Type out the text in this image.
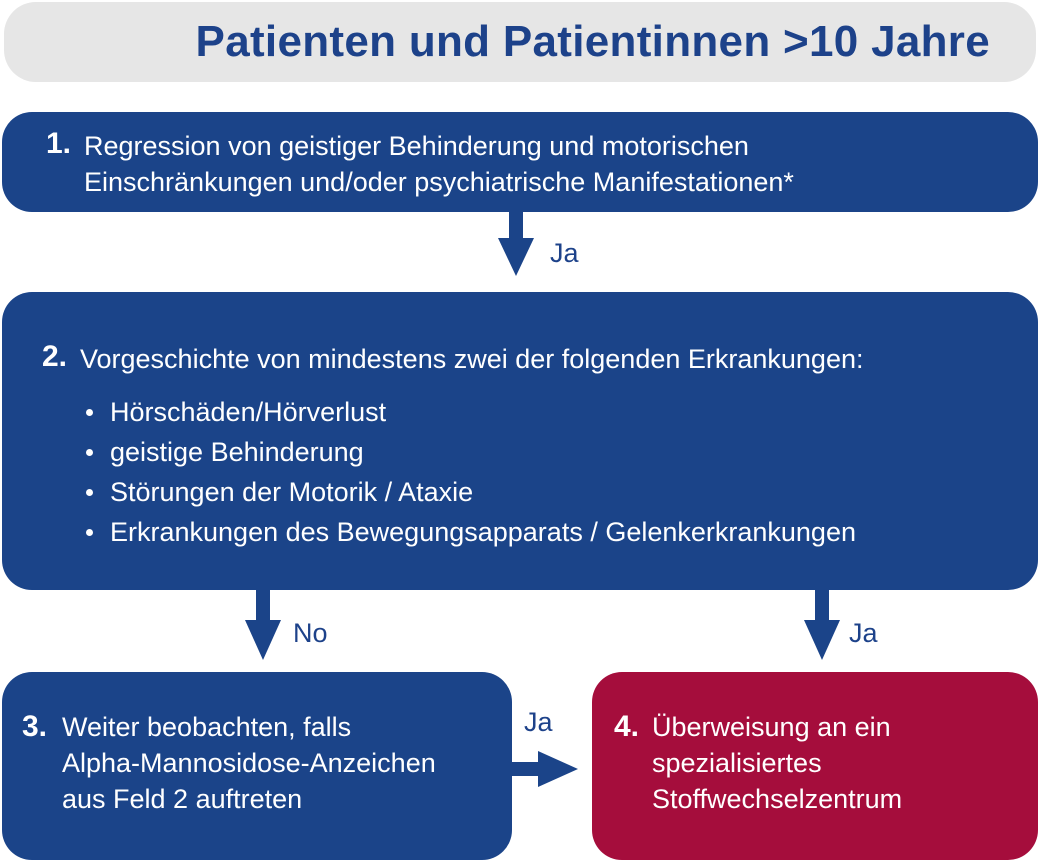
Patienten und Patientinnen >10 Jahre
1. Regression von geistiger Behinderung und motorischen
Einschränkungen und/oder psychiatrische Manifestationen*
2. Vorgeschichte von mindestens zwei der folgenden Erkrankungen:
Hörschäden/Hörverlust
geistige Behinderung
Störungen der Motorik / Ataxie
Erkrankungen des Bewegungsapparats / Gelenkerkrankungen
3. Weiter beobachten, falls
Alpha-Mannosidose-Anzeichen
aus Feld 2 auftreten
4. Überweisung an ein
spezialisiertes
Stoffwechselzentrum
Ja
No	Ja
Ja
